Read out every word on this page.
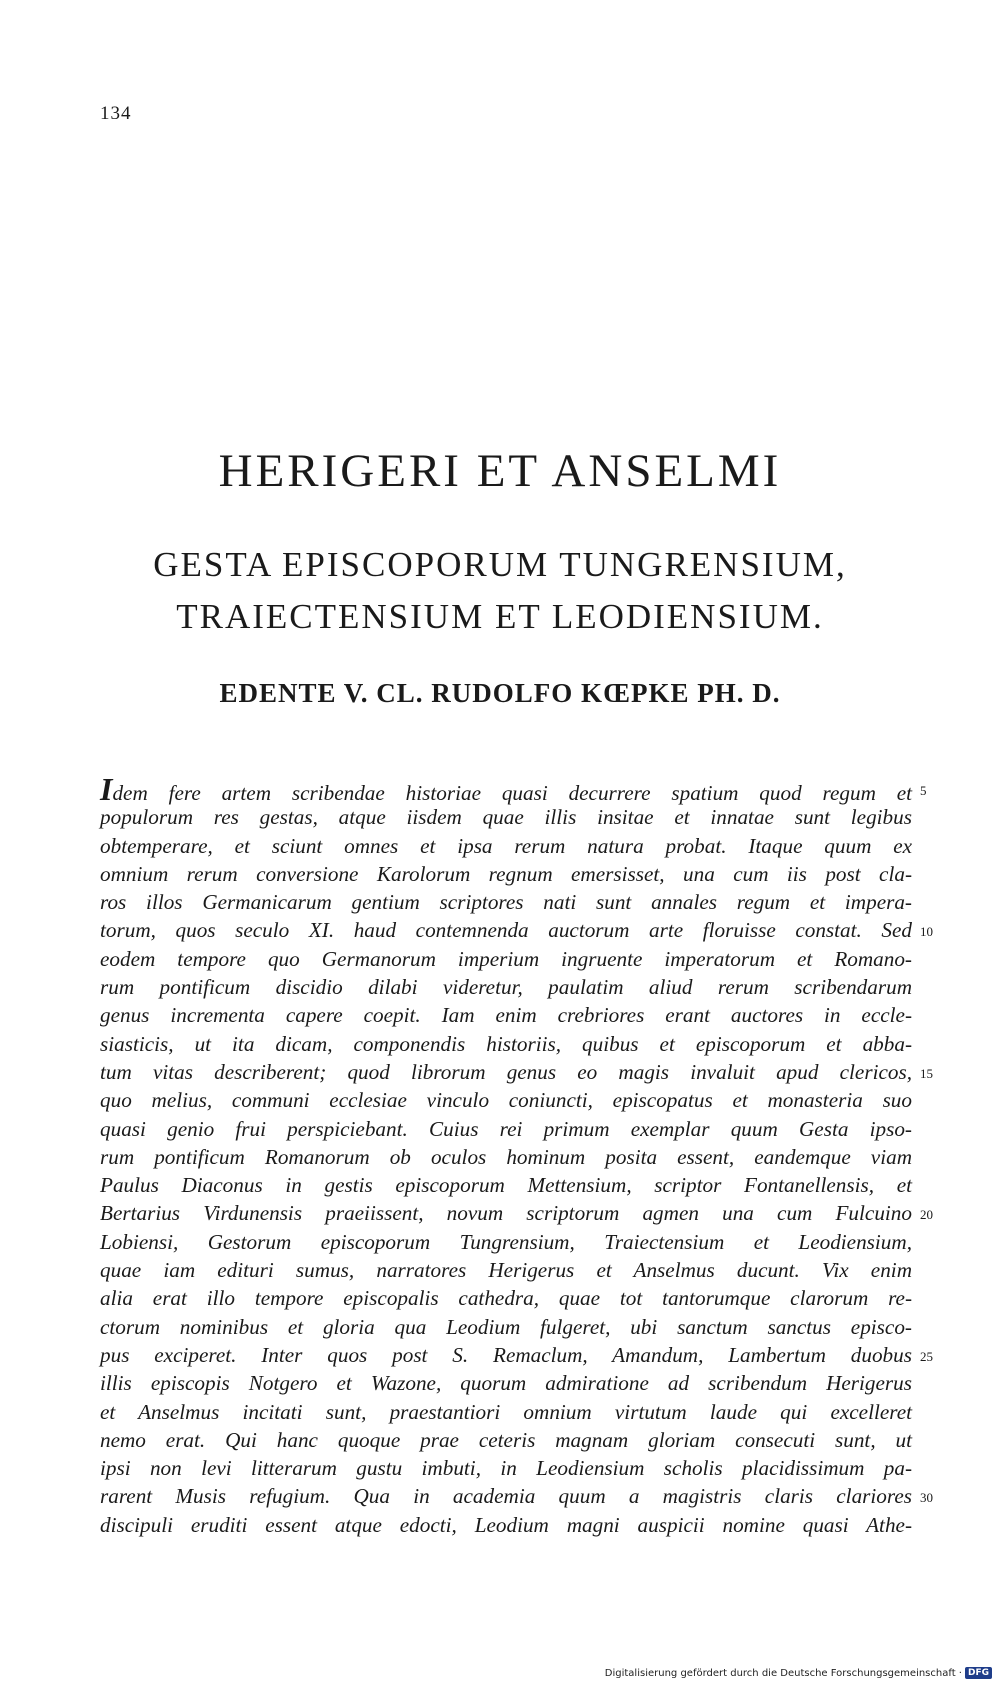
134
HERIGERI ET ANSELMI
GESTA EPISCOPORUM TUNGRENSIUM,
TRAIECTENSIUM ET LEODIENSIUM.
EDENTE V. CL. RUDOLFO KŒPKE PH. D.
Idem fere artem scribendae historiae quasi decurrere spatium quod regum et 5
populorum res gestas, atque iisdem quae illis insitae et innatae sunt legibus
obtemperare, et sciunt omnes et ipsa rerum natura probat. Itaque quum ex
omnium rerum conversione Karolorum regnum emersisset, una cum iis post cla-
ros illos Germanicarum gentium scriptores nati sunt annales regum et impera-
torum, quos seculo XI. haud contemnenda auctorum arte floruisse constat. Sed 10
eodem tempore quo Germanorum imperium ingruente imperatorum et Romano-
rum pontificum discidio dilabi videretur, paulatim aliud rerum scribendarum
genus incrementa capere coepit. Iam enim crebriores erant auctores in eccle-
siasticis, ut ita dicam, componendis historiis, quibus et episcoporum et abba-
tum vitas describerent; quod librorum genus eo magis invaluit apud clericos, 15
quo melius, communi ecclesiae vinculo coniuncti, episcopatus et monasteria suo
quasi genio frui perspiciebant. Cuius rei primum exemplar quum Gesta ipso-
rum pontificum Romanorum ob oculos hominum posita essent, eandemque viam
Paulus Diaconus in gestis episcoporum Mettensium, scriptor Fontanellensis, et
Bertarius Virdunensis praeiissent, novum scriptorum agmen una cum Fulcuino 20
Lobiensi, Gestorum episcoporum Tungrensium, Traiectensium et Leodiensium,
quae iam edituri sumus, narratores Herigerus et Anselmus ducunt. Vix enim
alia erat illo tempore episcopalis cathedra, quae tot tantorumque clarorum re-
ctorum nominibus et gloria qua Leodium fulgeret, ubi sanctum sanctus episco-
pus exciperet. Inter quos post S. Remaclum, Amandum, Lambertum duobus 25
illis episcopis Notgero et Wazone, quorum admiratione ad scribendum Herigerus
et Anselmus incitati sunt, praestantiori omnium virtutum laude qui excelleret
nemo erat. Qui hanc quoque prae ceteris magnam gloriam consecuti sunt, ut
ipsi non levi litterarum gustu imbuti, in Leodiensium scholis placidissimum pa-
rarent Musis refugium. Qua in academia quum a magistris claris clariores 30
discipuli eruditi essent atque edocti, Leodium magni auspicii nomine quasi Athe-
Digitalisierung gefördert durch die Deutsche Forschungsgemeinschaft · DFG
